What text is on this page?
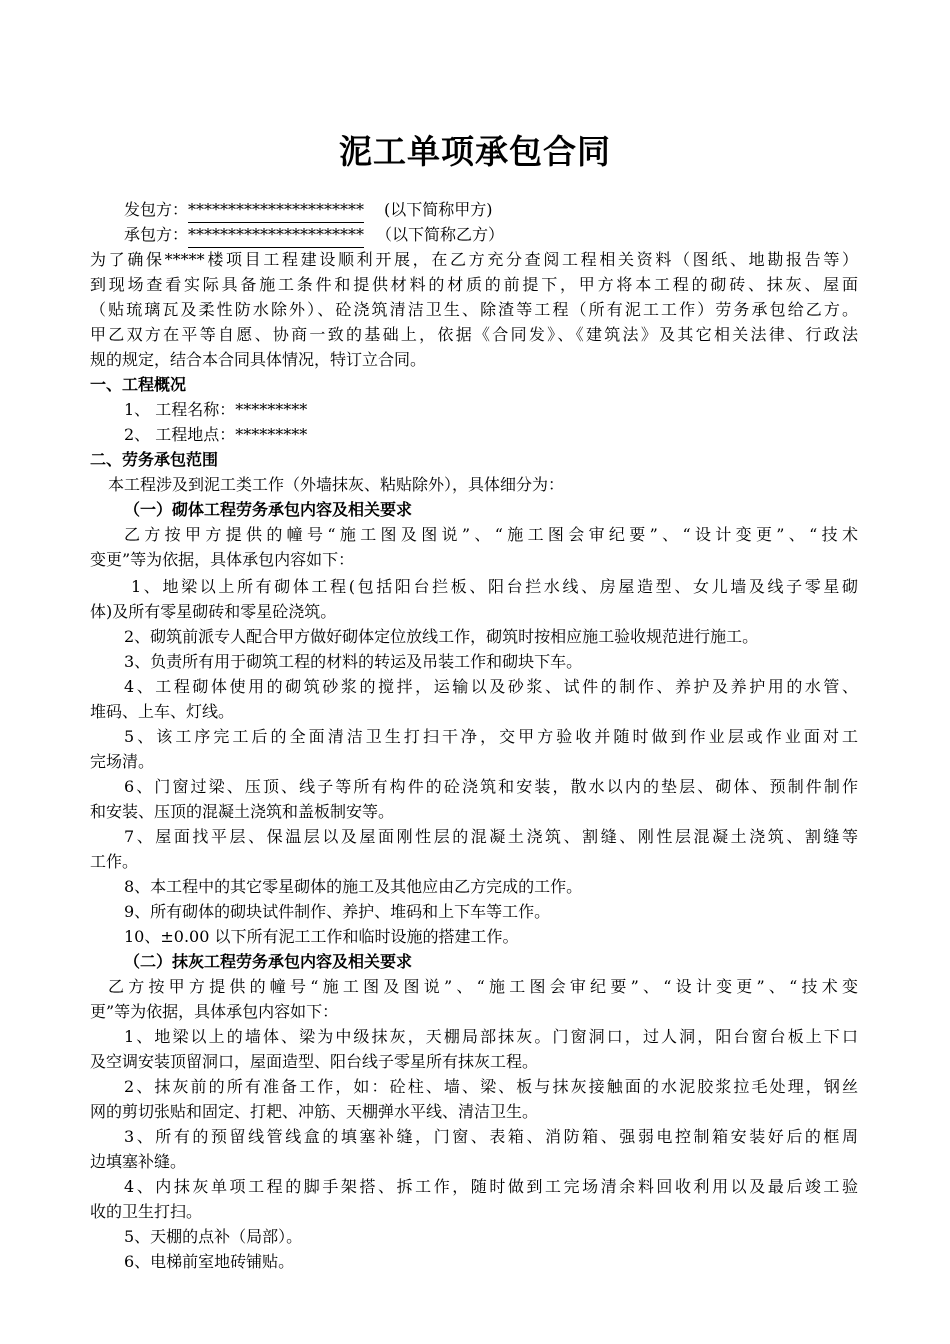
泥工单项承包合同
发包方：********************** (以下简称甲方)
承包方：********************** （以下简称乙方）
为了确保*****楼项目工程建设顺利开展，在乙方充分查阅工程相关资料（图纸、地勘报告等）
到现场查看实际具备施工条件和提供材料的材质的前提下，甲方将本工程的砌砖、抹灰、屋面
（贴琉璃瓦及柔性防水除外）、砼浇筑清洁卫生、除渣等工程（所有泥工工作）劳务承包给乙方。
甲乙双方在平等自愿、协商一致的基础上，依据《合同发》、《建筑法》及其它相关法律、行政法
规的规定，结合本合同具体情况，特订立合同。
一、工程概况
1、 工程名称：*********
2、 工程地点：*********
二、劳务承包范围
本工程涉及到泥工类工作（外墙抹灰、粘贴除外），具体细分为：
（一）砌体工程劳务承包内容及相关要求
乙方按甲方提供的幢号“施工图及图说”、“施工图会审纪要”、“设计变更”、“技术
变更”等为依据，具体承包内容如下：
1、地梁以上所有砌体工程(包括阳台拦板、阳台拦水线、房屋造型、女儿墙及线子零星砌
体)及所有零星砌砖和零星砼浇筑。
2、砌筑前派专人配合甲方做好砌体定位放线工作，砌筑时按相应施工验收规范进行施工。
3、负责所有用于砌筑工程的材料的转运及吊装工作和砌块下车。
4、工程砌体使用的砌筑砂浆的搅拌，运输以及砂浆、试件的制作、养护及养护用的水管、
堆码、上车、灯线。
5、该工序完工后的全面清洁卫生打扫干净，交甲方验收并随时做到作业层或作业面对工
完场清。
6、门窗过梁、压顶、线子等所有构件的砼浇筑和安装，散水以内的垫层、砌体、预制件制作
和安装、压顶的混凝土浇筑和盖板制安等。
7、屋面找平层、保温层以及屋面刚性层的混凝土浇筑、割缝、刚性层混凝土浇筑、割缝等
工作。
8、本工程中的其它零星砌体的施工及其他应由乙方完成的工作。
9、所有砌体的砌块试件制作、养护、堆码和上下车等工作。
10、±0.00 以下所有泥工工作和临时设施的搭建工作。
（二）抹灰工程劳务承包内容及相关要求
乙方按甲方提供的幢号“施工图及图说”、“施工图会审纪要”、“设计变更”、“技术变
更”等为依据，具体承包内容如下：
1、地梁以上的墙体、梁为中级抹灰，天棚局部抹灰。门窗洞口，过人洞，阳台窗台板上下口
及空调安装顶留洞口，屋面造型、阳台线子零星所有抹灰工程。
2、抹灰前的所有准备工作，如：砼柱、墙、梁、板与抹灰接触面的水泥胶浆拉毛处理，钢丝
网的剪切张贴和固定、打耙、冲筋、天棚弹水平线、清洁卫生。
3、所有的预留线管线盒的填塞补缝，门窗、表箱、消防箱、强弱电控制箱安装好后的框周
边填塞补缝。
4、内抹灰单项工程的脚手架搭、拆工作，随时做到工完场清余料回收利用以及最后竣工验
收的卫生打扫。
5、天棚的点补（局部）。
6、电梯前室地砖铺贴。
